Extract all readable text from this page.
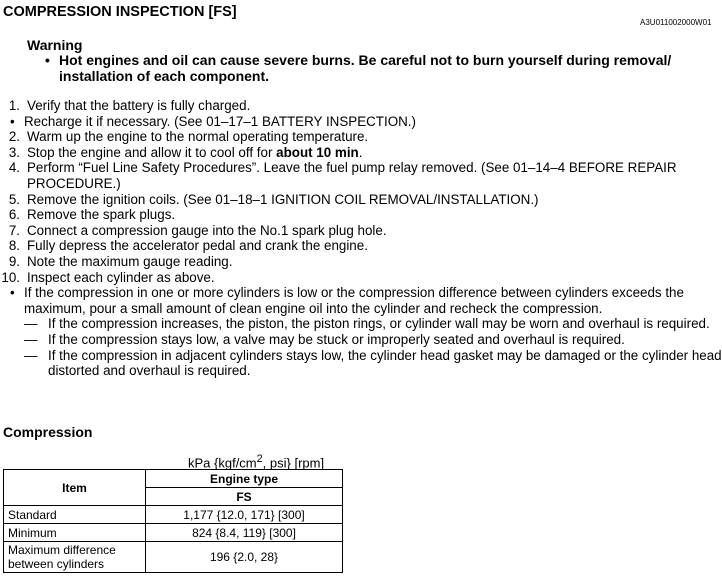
COMPRESSION INSPECTION [FS]
A3U011002000W01
Warning
• Hot engines and oil can cause severe burns. Be careful not to burn yourself during removal/ installation of each component.
1. Verify that the battery is fully charged.
• Recharge it if necessary. (See 01–17–1 BATTERY INSPECTION.)
2. Warm up the engine to the normal operating temperature.
3. Stop the engine and allow it to cool off for about 10 min.
4. Perform “Fuel Line Safety Procedures”. Leave the fuel pump relay removed. (See 01–14–4 BEFORE REPAIR PROCEDURE.)
5. Remove the ignition coils. (See 01–18–1 IGNITION COIL REMOVAL/INSTALLATION.)
6. Remove the spark plugs.
7. Connect a compression gauge into the No.1 spark plug hole.
8. Fully depress the accelerator pedal and crank the engine.
9. Note the maximum gauge reading.
10. Inspect each cylinder as above.
• If the compression in one or more cylinders is low or the compression difference between cylinders exceeds the maximum, pour a small amount of clean engine oil into the cylinder and recheck the compression.
— If the compression increases, the piston, the piston rings, or cylinder wall may be worn and overhaul is required.
— If the compression stays low, a valve may be stuck or improperly seated and overhaul is required.
— If the compression in adjacent cylinders stays low, the cylinder head gasket may be damaged or the cylinder head distorted and overhaul is required.
Compression
kPa {$kgf/cm^2$, psi} [rpm]
Item	Engine type
	FS
Standard	1,177 {12.0, 171} [300]
Minimum	824 {8.4, 119} [300]
Maximum difference between cylinders	196 {2.0, 28}
